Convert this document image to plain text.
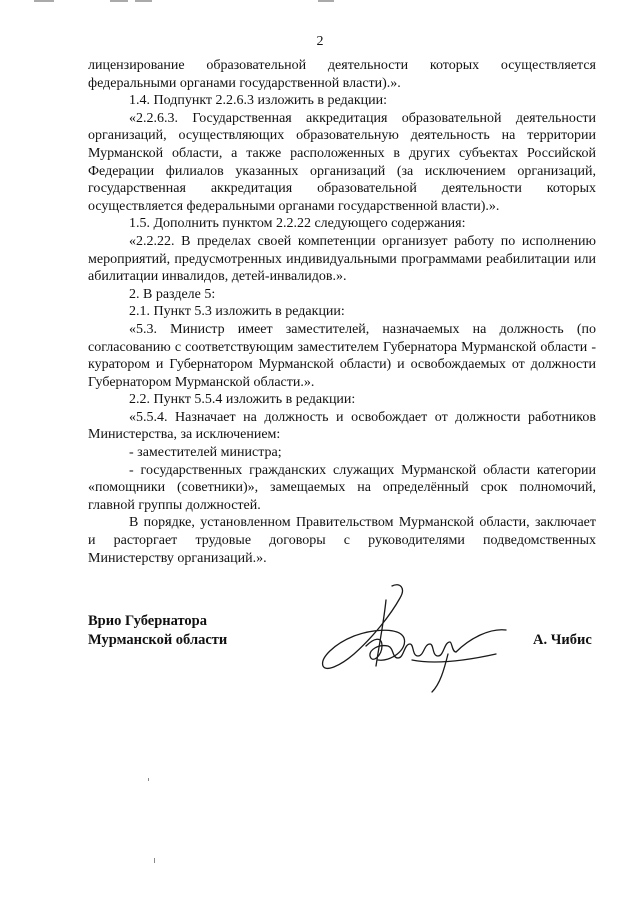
2

лицензирование образовательной деятельности которых осуществляется федеральными органами государственной власти).».

1.4. Подпункт 2.2.6.3 изложить в редакции:

«2.2.6.3. Государственная аккредитация образовательной деятельности организаций, осуществляющих образовательную деятельность на территории Мурманской области, а также расположенных в других субъектах Российской Федерации филиалов указанных организаций (за исключением организаций, государственная аккредитация образовательной деятельности которых осуществляется федеральными органами государственной власти).».

1.5. Дополнить пунктом 2.2.22 следующего содержания:

«2.2.22. В пределах своей компетенции организует работу по исполнению мероприятий, предусмотренных индивидуальными программами реабилитации или абилитации инвалидов, детей-инвалидов.».

2. В разделе 5:

2.1. Пункт 5.3 изложить в редакции:

«5.3. Министр имеет заместителей, назначаемых на должность (по согласованию с соответствующим заместителем Губернатора Мурманской области - куратором и Губернатором Мурманской области) и освобождаемых от должности Губернатором Мурманской области.».

2.2. Пункт 5.5.4 изложить в редакции:

«5.5.4. Назначает на должность и освобождает от должности работников Министерства, за исключением:

- заместителей министра;

- государственных гражданских служащих Мурманской области категории «помощники (советники)», замещаемых на определённый срок полномочий, главной группы должностей.

В порядке, установленном Правительством Мурманской области, заключает и расторгает трудовые договоры с руководителями подведомственных Министерству организаций.».

Врио Губернатора
Мурманской области	А. Чибис
